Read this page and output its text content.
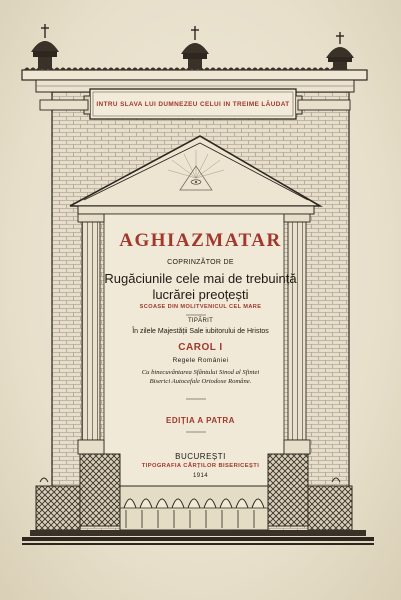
INTRU SLAVA LUI DUMNEZEU CELUI IN TREIME LĂUDAT
AGHIAZMATAR
COPRINZĂTOR DE
Rugăciunile cele mai de trebuință
lucrărei preoțești
SCOASE DIN MOLITVENICUL CEL MARE
TIPĂRIT
În zilele Majestății Sale iubitorului de Hristos
CAROL I
Regele României
Cu binecuvântarea Sfântului Sinod al Sfintei
Biserici Autocefale Ortodoxe Române.
EDIȚIA A PATRA
BUCUREȘTI
TIPOGRAFIA CĂRȚILOR BISERICEȘTI
1914
Gravat Bucur.
